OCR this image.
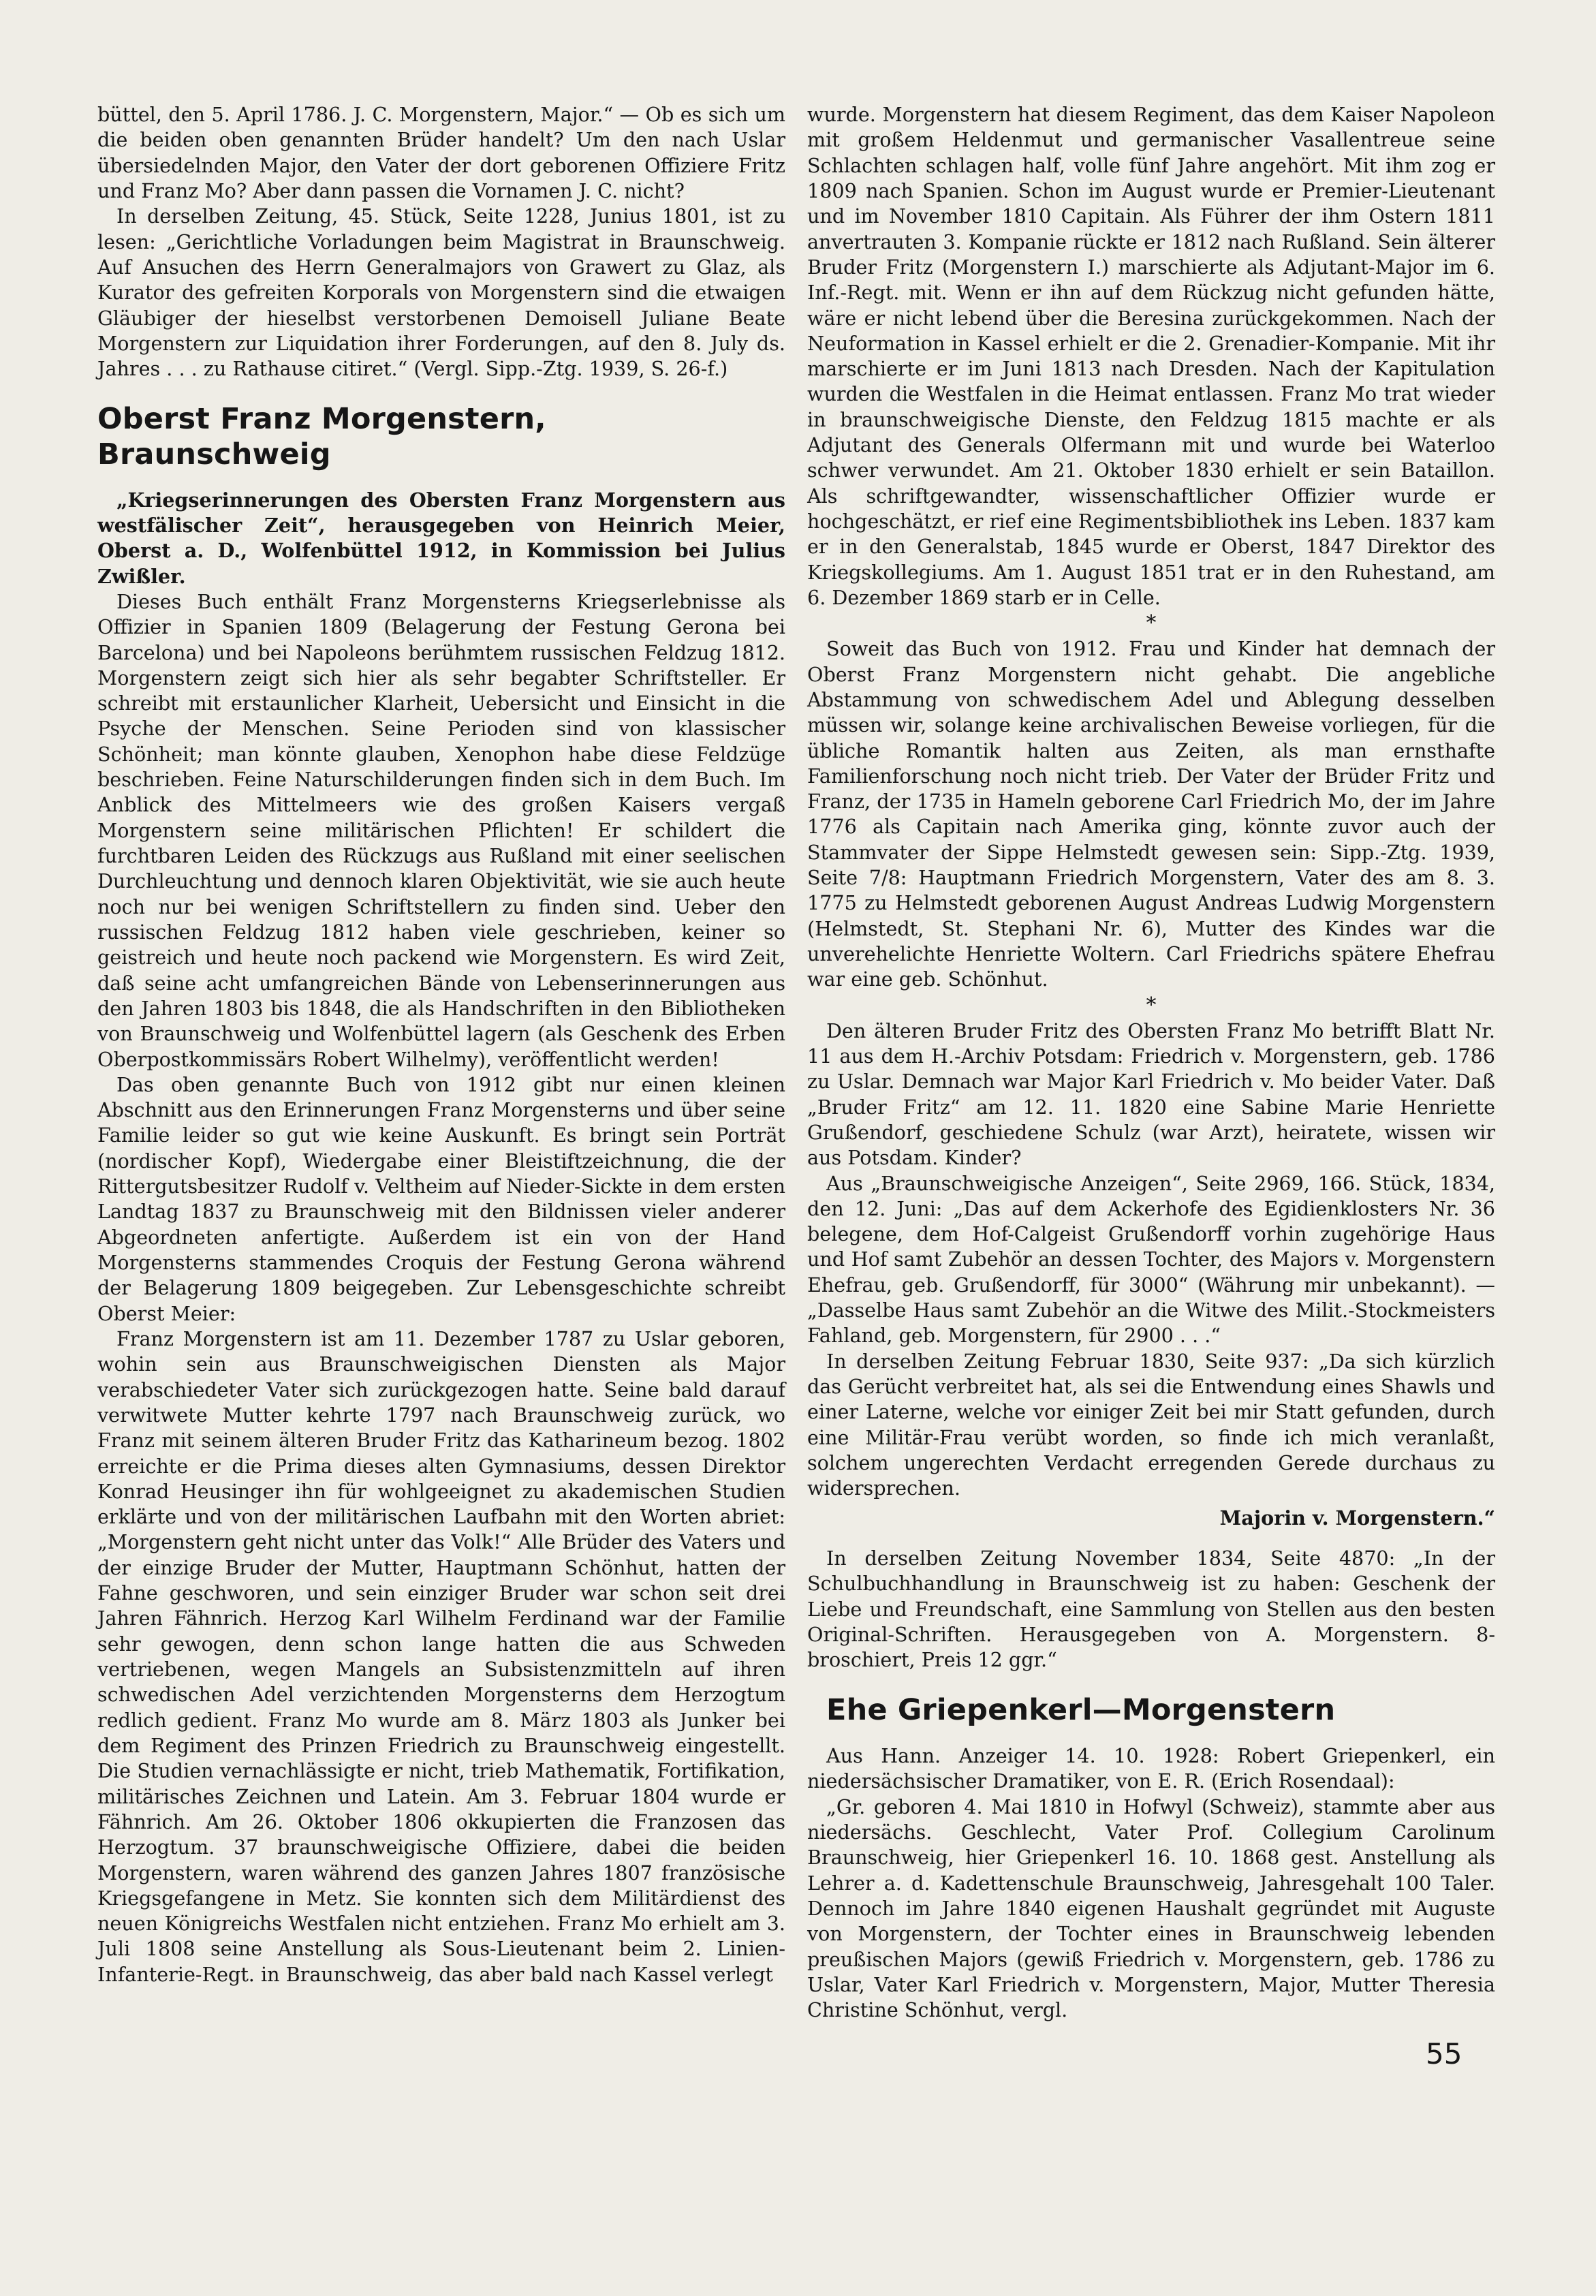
büttel, den 5. April 1786. J. C. Morgenstern, Major.“ — Ob es sich um die beiden oben genannten Brüder handelt? Um den nach Uslar übersiedelnden Major, den Vater der dort geborenen Offiziere Fritz und Franz Mo? Aber dann passen die Vornamen J. C. nicht?

In derselben Zeitung, 45. Stück, Seite 1228, Junius 1801, ist zu lesen: „Gerichtliche Vorladungen beim Magistrat in Braunschweig. Auf Ansuchen des Herrn Generalmajors von Grawert zu Glaz, als Kurator des gefreiten Korporals von Morgenstern sind die etwaigen Gläubiger der hieselbst verstorbenen Demoisell Juliane Beate Morgenstern zur Liquidation ihrer Forderungen, auf den 8. July ds. Jahres . . . zu Rathause citiret.“ (Vergl. Sipp.-Ztg. 1939, S. 26-f.)

Oberst Franz Morgenstern, Braunschweig

„Kriegserinnerungen des Obersten Franz Morgenstern aus westfälischer Zeit“, herausgegeben von Heinrich Meier, Oberst a. D., Wolfenbüttel 1912, in Kommission bei Julius Zwißler.

Dieses Buch enthält Franz Morgensterns Kriegserlebnisse als Offizier in Spanien 1809 (Belagerung der Festung Gerona bei Barcelona) und bei Napoleons berühmtem russischen Feldzug 1812. Morgenstern zeigt sich hier als sehr begabter Schriftsteller. Er schreibt mit erstaunlicher Klarheit, Uebersicht und Einsicht in die Psyche der Menschen. Seine Perioden sind von klassischer Schönheit; man könnte glauben, Xenophon habe diese Feldzüge beschrieben. Feine Naturschilderungen finden sich in dem Buch. Im Anblick des Mittelmeers wie des großen Kaisers vergaß Morgenstern seine militärischen Pflichten! Er schildert die furchtbaren Leiden des Rückzugs aus Rußland mit einer seelischen Durchleuchtung und dennoch klaren Objektivität, wie sie auch heute noch nur bei wenigen Schriftstellern zu finden sind. Ueber den russischen Feldzug 1812 haben viele geschrieben, keiner so geistreich und heute noch packend wie Morgenstern. Es wird Zeit, daß seine acht umfangreichen Bände von Lebenserinnerungen aus den Jahren 1803 bis 1848, die als Handschriften in den Bibliotheken von Braunschweig und Wolfenbüttel lagern (als Geschenk des Erben Oberpostkommissärs Robert Wilhelmy), veröffentlicht werden!

Das oben genannte Buch von 1912 gibt nur einen kleinen Abschnitt aus den Erinnerungen Franz Morgensterns und über seine Familie leider so gut wie keine Auskunft. Es bringt sein Porträt (nordischer Kopf), Wiedergabe einer Bleistiftzeichnung, die der Rittergutsbesitzer Rudolf v. Veltheim auf Nieder-Sickte in dem ersten Landtag 1837 zu Braunschweig mit den Bildnissen vieler anderer Abgeordneten anfertigte. Außerdem ist ein von der Hand Morgensterns stammendes Croquis der Festung Gerona während der Belagerung 1809 beigegeben. Zur Lebensgeschichte schreibt Oberst Meier:

Franz Morgenstern ist am 11. Dezember 1787 zu Uslar geboren, wohin sein aus Braunschweigischen Diensten als Major verabschiedeter Vater sich zurückgezogen hatte. Seine bald darauf verwitwete Mutter kehrte 1797 nach Braunschweig zurück, wo Franz mit seinem älteren Bruder Fritz das Katharineum bezog. 1802 erreichte er die Prima dieses alten Gymnasiums, dessen Direktor Konrad Heusinger ihn für wohlgeeignet zu akademischen Studien erklärte und von der militärischen Laufbahn mit den Worten abriet: „Morgenstern geht nicht unter das Volk!“ Alle Brüder des Vaters und der einzige Bruder der Mutter, Hauptmann Schönhut, hatten der Fahne geschworen, und sein einziger Bruder war schon seit drei Jahren Fähnrich. Herzog Karl Wilhelm Ferdinand war der Familie sehr gewogen, denn schon lange hatten die aus Schweden vertriebenen, wegen Mangels an Subsistenzmitteln auf ihren schwedischen Adel verzichtenden Morgensterns dem Herzogtum redlich gedient. Franz Mo wurde am 8. März 1803 als Junker bei dem Regiment des Prinzen Friedrich zu Braunschweig eingestellt. Die Studien vernachlässigte er nicht, trieb Mathematik, Fortifikation, militärisches Zeichnen und Latein. Am 3. Februar 1804 wurde er Fähnrich. Am 26. Oktober 1806 okkupierten die Franzosen das Herzogtum. 37 braunschweigische Offiziere, dabei die beiden Morgenstern, waren während des ganzen Jahres 1807 französische Kriegsgefangene in Metz. Sie konnten sich dem Militärdienst des neuen Königreichs Westfalen nicht entziehen. Franz Mo erhielt am 3. Juli 1808 seine Anstellung als Sous-Lieutenant beim 2. Linien-Infanterie-Regt. in Braunschweig, das aber bald nach Kassel verlegt

wurde. Morgenstern hat diesem Regiment, das dem Kaiser Napoleon mit großem Heldenmut und germanischer Vasallentreue seine Schlachten schlagen half, volle fünf Jahre angehört. Mit ihm zog er 1809 nach Spanien. Schon im August wurde er Premier-Lieutenant und im November 1810 Capitain. Als Führer der ihm Ostern 1811 anvertrauten 3. Kompanie rückte er 1812 nach Rußland. Sein älterer Bruder Fritz (Morgenstern I.) marschierte als Adjutant-Major im 6. Inf.-Regt. mit. Wenn er ihn auf dem Rückzug nicht gefunden hätte, wäre er nicht lebend über die Beresina zurückgekommen. Nach der Neuformation in Kassel erhielt er die 2. Grenadier-Kompanie. Mit ihr marschierte er im Juni 1813 nach Dresden. Nach der Kapitulation wurden die Westfalen in die Heimat entlassen. Franz Mo trat wieder in braunschweigische Dienste, den Feldzug 1815 machte er als Adjutant des Generals Olfermann mit und wurde bei Waterloo schwer verwundet. Am 21. Oktober 1830 erhielt er sein Bataillon. Als schriftgewandter, wissenschaftlicher Offizier wurde er hochgeschätzt, er rief eine Regimentsbibliothek ins Leben. 1837 kam er in den Generalstab, 1845 wurde er Oberst, 1847 Direktor des Kriegskollegiums. Am 1. August 1851 trat er in den Ruhestand, am 6. Dezember 1869 starb er in Celle.

*

Soweit das Buch von 1912. Frau und Kinder hat demnach der Oberst Franz Morgenstern nicht gehabt. Die angebliche Abstammung von schwedischem Adel und Ablegung desselben müssen wir, solange keine archivalischen Beweise vorliegen, für die übliche Romantik halten aus Zeiten, als man ernsthafte Familienforschung noch nicht trieb. Der Vater der Brüder Fritz und Franz, der 1735 in Hameln geborene Carl Friedrich Mo, der im Jahre 1776 als Capitain nach Amerika ging, könnte zuvor auch der Stammvater der Sippe Helmstedt gewesen sein: Sipp.-Ztg. 1939, Seite 7/8: Hauptmann Friedrich Morgenstern, Vater des am 8. 3. 1775 zu Helmstedt geborenen August Andreas Ludwig Morgenstern (Helmstedt, St. Stephani Nr. 6), Mutter des Kindes war die unverehelichte Henriette Woltern. Carl Friedrichs spätere Ehefrau war eine geb. Schönhut.

*

Den älteren Bruder Fritz des Obersten Franz Mo betrifft Blatt Nr. 11 aus dem H.-Archiv Potsdam: Friedrich v. Morgenstern, geb. 1786 zu Uslar. Demnach war Major Karl Friedrich v. Mo beider Vater. Daß „Bruder Fritz“ am 12. 11. 1820 eine Sabine Marie Henriette Grußendorf, geschiedene Schulz (war Arzt), heiratete, wissen wir aus Potsdam. Kinder?

Aus „Braunschweigische Anzeigen“, Seite 2969, 166. Stück, 1834, den 12. Juni: „Das auf dem Ackerhofe des Egidienklosters Nr. 36 belegene, dem Hof-Calgeist Grußendorff vorhin zugehörige Haus und Hof samt Zubehör an dessen Tochter, des Majors v. Morgenstern Ehefrau, geb. Grußendorff, für 3000“ (Währung mir unbekannt). — „Dasselbe Haus samt Zubehör an die Witwe des Milit.-Stockmeisters Fahland, geb. Morgenstern, für 2900 . . .“

In derselben Zeitung Februar 1830, Seite 937: „Da sich kürzlich das Gerücht verbreitet hat, als sei die Entwendung eines Shawls und einer Laterne, welche vor einiger Zeit bei mir Statt gefunden, durch eine Militär-Frau verübt worden, so finde ich mich veranlaßt, solchem ungerechten Verdacht erregenden Gerede durchaus zu widersprechen.

Majorin v. Morgenstern.“

In derselben Zeitung November 1834, Seite 4870: „In der Schulbuchhandlung in Braunschweig ist zu haben: Geschenk der Liebe und Freundschaft, eine Sammlung von Stellen aus den besten Original-Schriften. Herausgegeben von A. Morgenstern. 8-broschiert, Preis 12 ggr.“

Ehe Griepenkerl—Morgenstern

Aus Hann. Anzeiger 14. 10. 1928: Robert Griepenkerl, ein niedersächsischer Dramatiker, von E. R. (Erich Rosendaal):

„Gr. geboren 4. Mai 1810 in Hofwyl (Schweiz), stammte aber aus niedersächs. Geschlecht, Vater Prof. Collegium Carolinum Braunschweig, hier Griepenkerl 16. 10. 1868 gest. Anstellung als Lehrer a. d. Kadettenschule Braunschweig, Jahresgehalt 100 Taler. Dennoch im Jahre 1840 eigenen Haushalt gegründet mit Auguste von Morgenstern, der Tochter eines in Braunschweig lebenden preußischen Majors (gewiß Friedrich v. Morgenstern, geb. 1786 zu Uslar, Vater Karl Friedrich v. Morgenstern, Major, Mutter Theresia Christine Schönhut, vergl.

55
